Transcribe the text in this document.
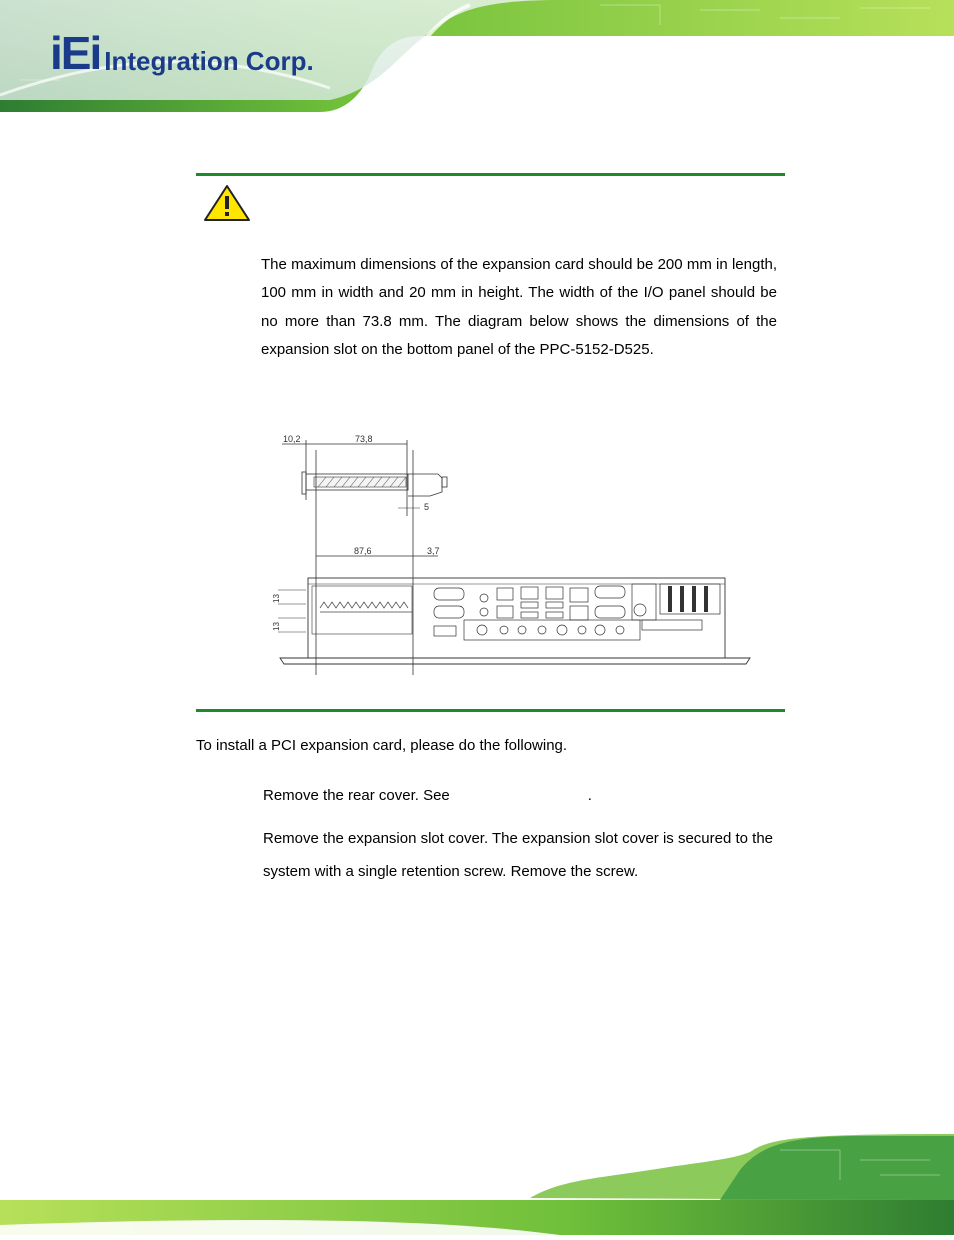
iEi Integration Corp.
The maximum dimensions of the expansion card should be 200 mm in length, 100 mm in width and 20 mm in height. The width of the I/O panel should be no more than 73.8 mm. The diagram below shows the dimensions of the expansion slot on the bottom panel of the PPC-5152-D525.
10,2	73,8
5
87,6	3,7
13
13
To install a PCI expansion card, please do the following.
Remove the rear cover. See	.
Remove the expansion slot cover. The expansion slot cover is secured to the system with a single retention screw. Remove the screw.
